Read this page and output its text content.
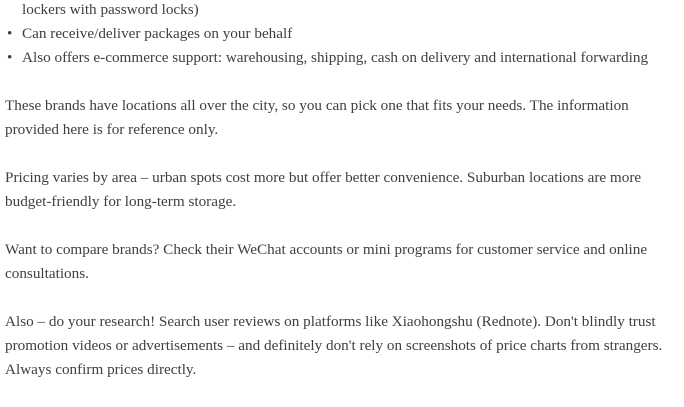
lockers with password locks)
• Can receive/deliver packages on your behalf
• Also offers e-commerce support: warehousing, shipping, cash on delivery and international forwarding

These brands have locations all over the city, so you can pick one that fits your needs. The information provided here is for reference only.

Pricing varies by area – urban spots cost more but offer better convenience. Suburban locations are more budget-friendly for long-term storage.

Want to compare brands? Check their WeChat accounts or mini programs for customer service and online consultations.

Also – do your research! Search user reviews on platforms like Xiaohongshu (Rednote). Don't blindly trust promotion videos or advertisements – and definitely don't rely on screenshots of price charts from strangers. Always confirm prices directly.
